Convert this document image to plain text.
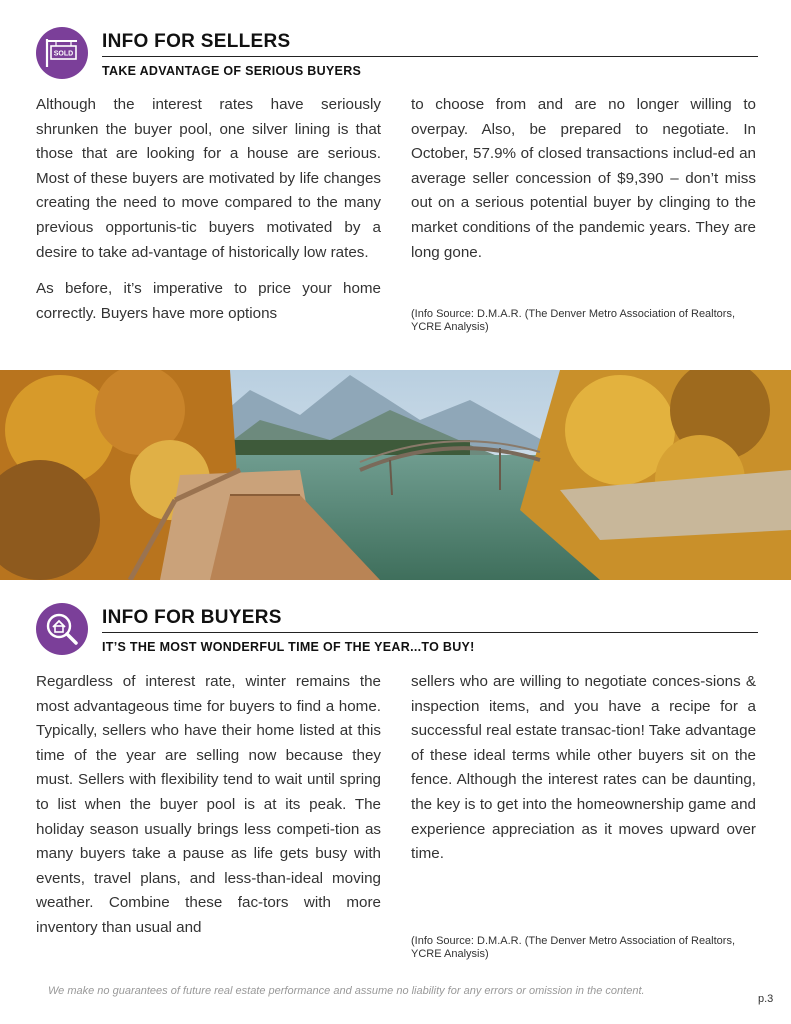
SOLD
INFO FOR SELLERS
TAKE ADVANTAGE OF SERIOUS BUYERS

Although the interest rates have seriously shrunken the buyer pool, one silver lining is that those that are looking for a house are serious. Most of these buyers are motivated by life changes creating the need to move compared to the many previous opportunis-tic buyers motivated by a desire to take ad-vantage of historically low rates.

As before, it’s imperative to price your home correctly. Buyers have more options

to choose from and are no longer willing to overpay. Also, be prepared to negotiate. In October, 57.9% of closed transactions includ-ed an average seller concession of $9,390 – don’t miss out on a serious potential buyer by clinging to the market conditions of the pandemic years. They are long gone.

(Info Source: D.M.A.R. (The Denver Metro Association of Realtors, YCRE Analysis)
INFO FOR BUYERS
IT’S THE MOST WONDERFUL TIME OF THE YEAR...TO BUY!

Regardless of interest rate, winter remains the most advantageous time for buyers to find a home. Typically, sellers who have their home listed at this time of the year are selling now because they must. Sellers with flexibility tend to wait until spring to list when the buyer pool is at its peak. The holiday season usually brings less competi-tion as many buyers take a pause as life gets busy with events, travel plans, and less-than-ideal moving weather. Combine these fac-tors with more inventory than usual and

sellers who are willing to negotiate conces-sions & inspection items, and you have a recipe for a successful real estate transac-tion! Take advantage of these ideal terms while other buyers sit on the fence. Although the interest rates can be daunting, the key is to get into the homeownership game and experience appreciation as it moves upward over time.

(Info Source: D.M.A.R. (The Denver Metro Association of Realtors, YCRE Analysis)
We make no guarantees of future real estate performance and assume no liability for any errors or omission in the content.
p.3
